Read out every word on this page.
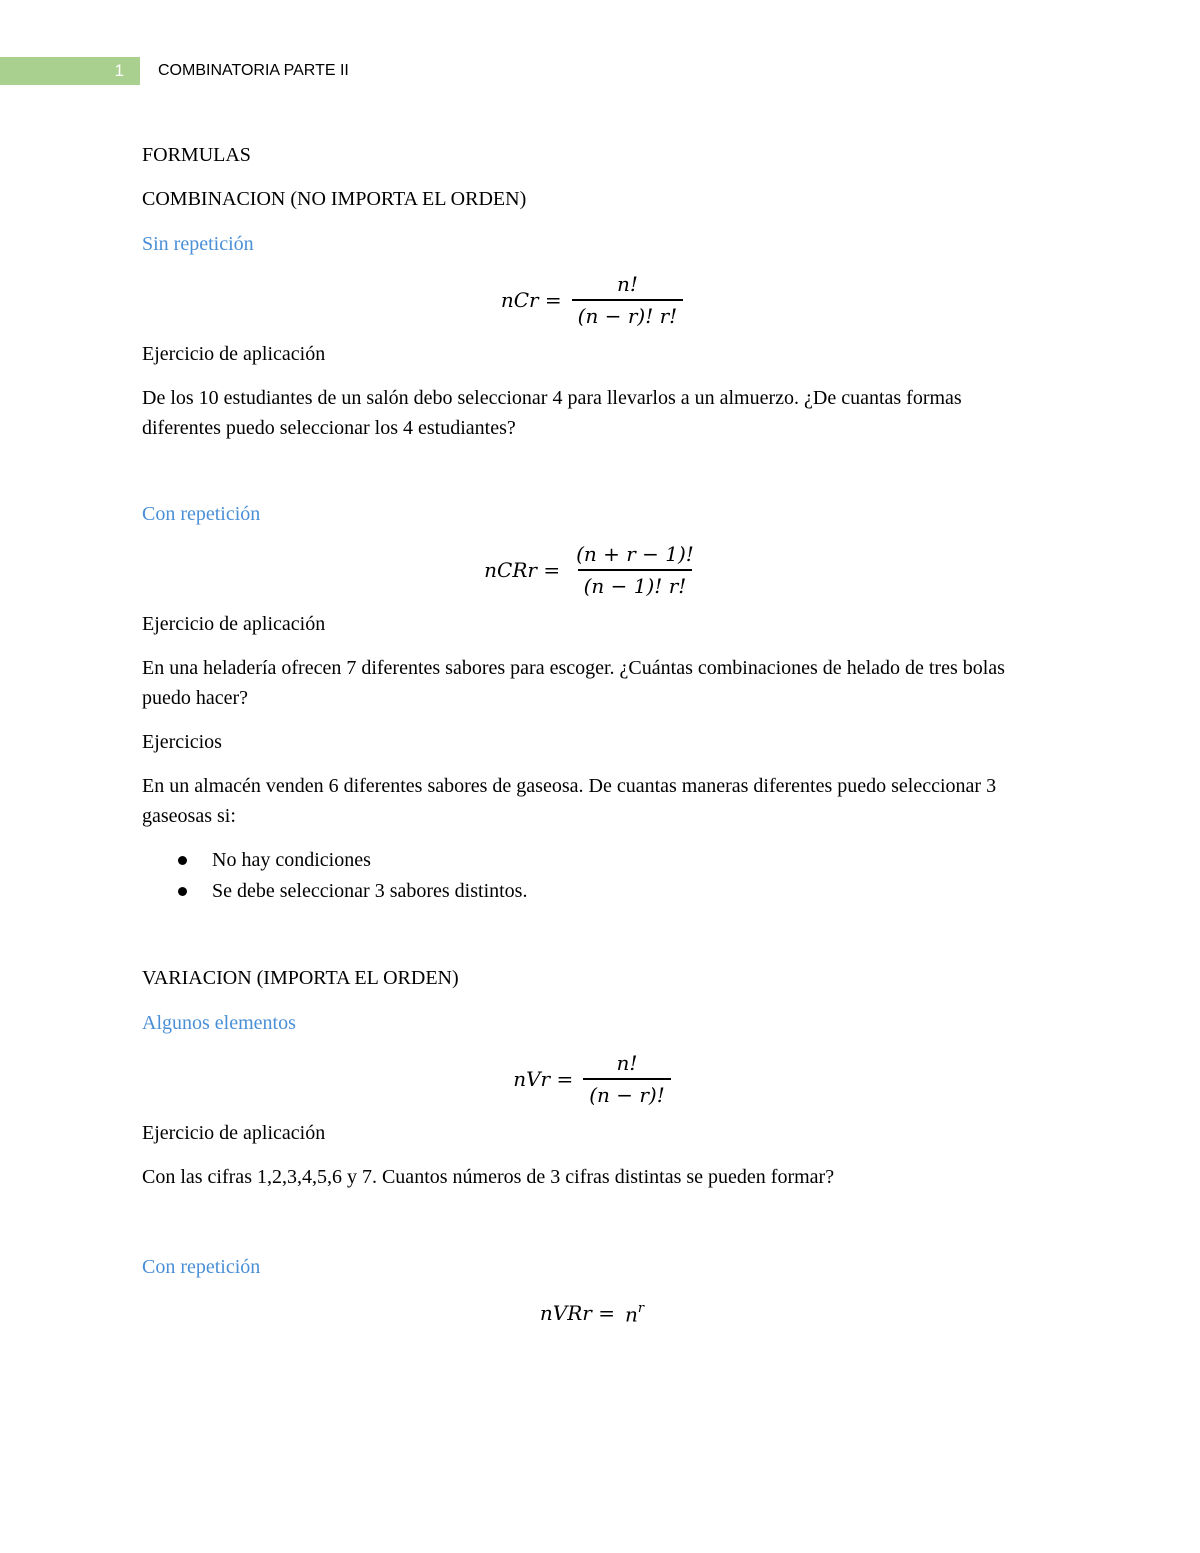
1	COMBINATORIA PARTE II

FORMULAS

COMBINACION (NO IMPORTA EL ORDEN)

Sin repetición

nCr = $\frac{n!}{(n - r)! r!}$

Ejercicio de aplicación

De los 10 estudiantes de un salón debo seleccionar 4 para llevarlos a un almuerzo. ¿De cuantas formas diferentes puedo seleccionar los 4 estudiantes?

Con repetición

nCRr = $\frac{(n + r - 1)!}{(n - 1)! r!}$

Ejercicio de aplicación

En una heladería ofrecen 7 diferentes sabores para escoger. ¿Cuántas combinaciones de helado de tres bolas puedo hacer?

Ejercicios

En un almacén venden 6 diferentes sabores de gaseosa. De cuantas maneras diferentes puedo seleccionar 3 gaseosas si:

No hay condiciones
Se debe seleccionar 3 sabores distintos.

VARIACION (IMPORTA EL ORDEN)

Algunos elementos

nVr = $\frac{n!}{(n - r)!}$

Ejercicio de aplicación

Con las cifras 1,2,3,4,5,6 y 7. Cuantos números de 3 cifras distintas se pueden formar?

Con repetición

nVRr = $n^r$
